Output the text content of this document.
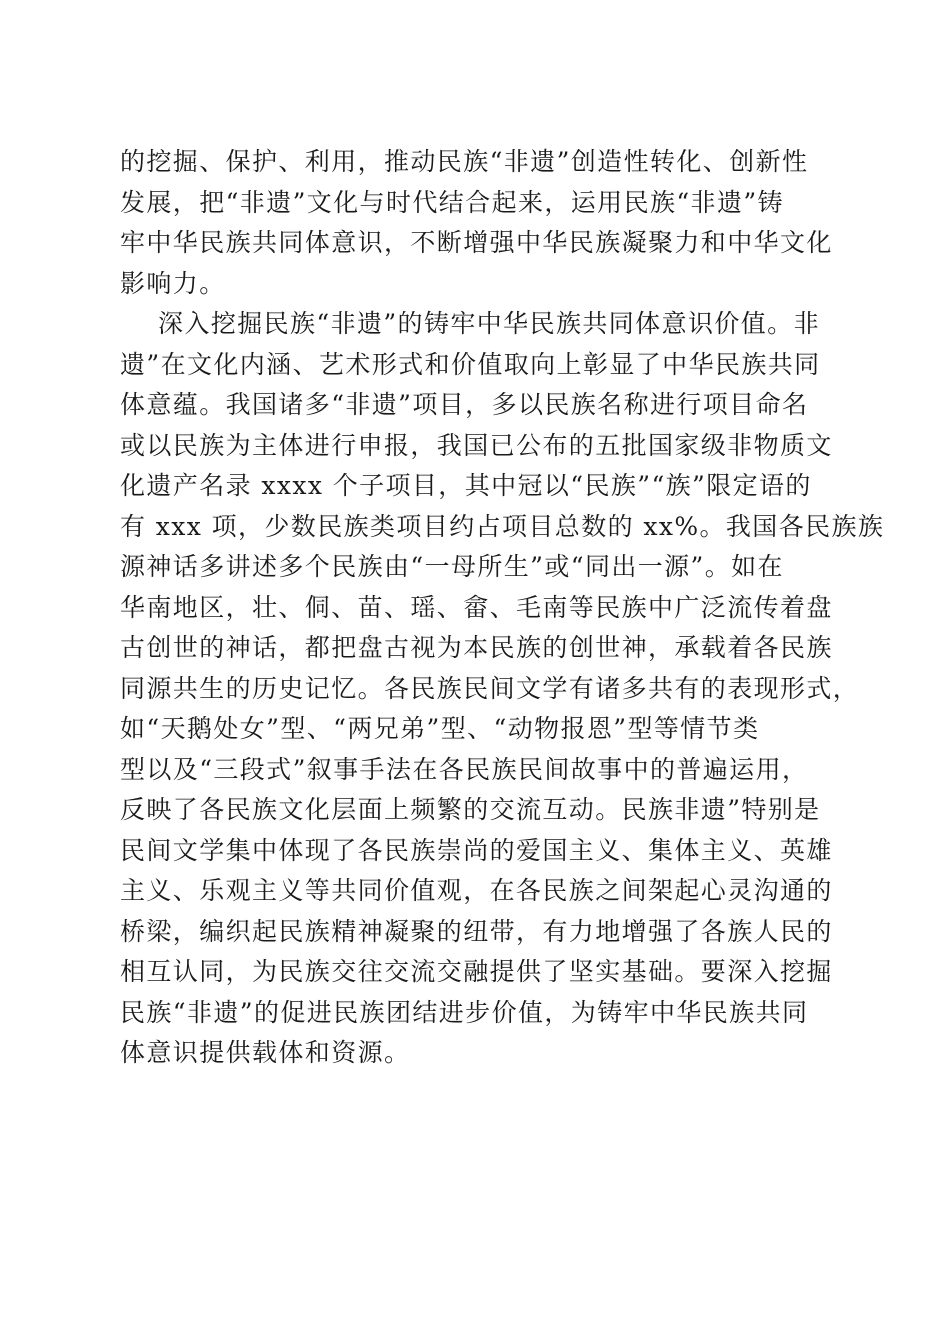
的挖掘、保护、利用，推动民族“非遗”创造性转化、创新性
发展，把“非遗”文化与时代结合起来，运用民族“非遗”铸
牢中华民族共同体意识，不断增强中华民族凝聚力和中华文化
影响力。
深入挖掘民族“非遗”的铸牢中华民族共同体意识价值。非
遗”在文化内涵、艺术形式和价值取向上彰显了中华民族共同
体意蕴。我国诸多“非遗”项目，多以民族名称进行项目命名
或以民族为主体进行申报，我国已公布的五批国家级非物质文
化遗产名录 xxxx 个子项目，其中冠以“民族”“族”限定语的
有 xxx 项，少数民族类项目约占项目总数的 xx%。我国各民族族
源神话多讲述多个民族由“一母所生”或“同出一源”。如在
华南地区，壮、侗、苗、瑶、畲、毛南等民族中广泛流传着盘
古创世的神话，都把盘古视为本民族的创世神，承载着各民族
同源共生的历史记忆。各民族民间文学有诸多共有的表现形式，
如“天鹅处女”型、“两兄弟”型、“动物报恩”型等情节类
型以及“三段式”叙事手法在各民族民间故事中的普遍运用，
反映了各民族文化层面上频繁的交流互动。民族非遗”特别是
民间文学集中体现了各民族崇尚的爱国主义、集体主义、英雄
主义、乐观主义等共同价值观，在各民族之间架起心灵沟通的
桥梁，编织起民族精神凝聚的纽带，有力地增强了各族人民的
相互认同，为民族交往交流交融提供了坚实基础。要深入挖掘
民族“非遗”的促进民族团结进步价值，为铸牢中华民族共同
体意识提供载体和资源。
